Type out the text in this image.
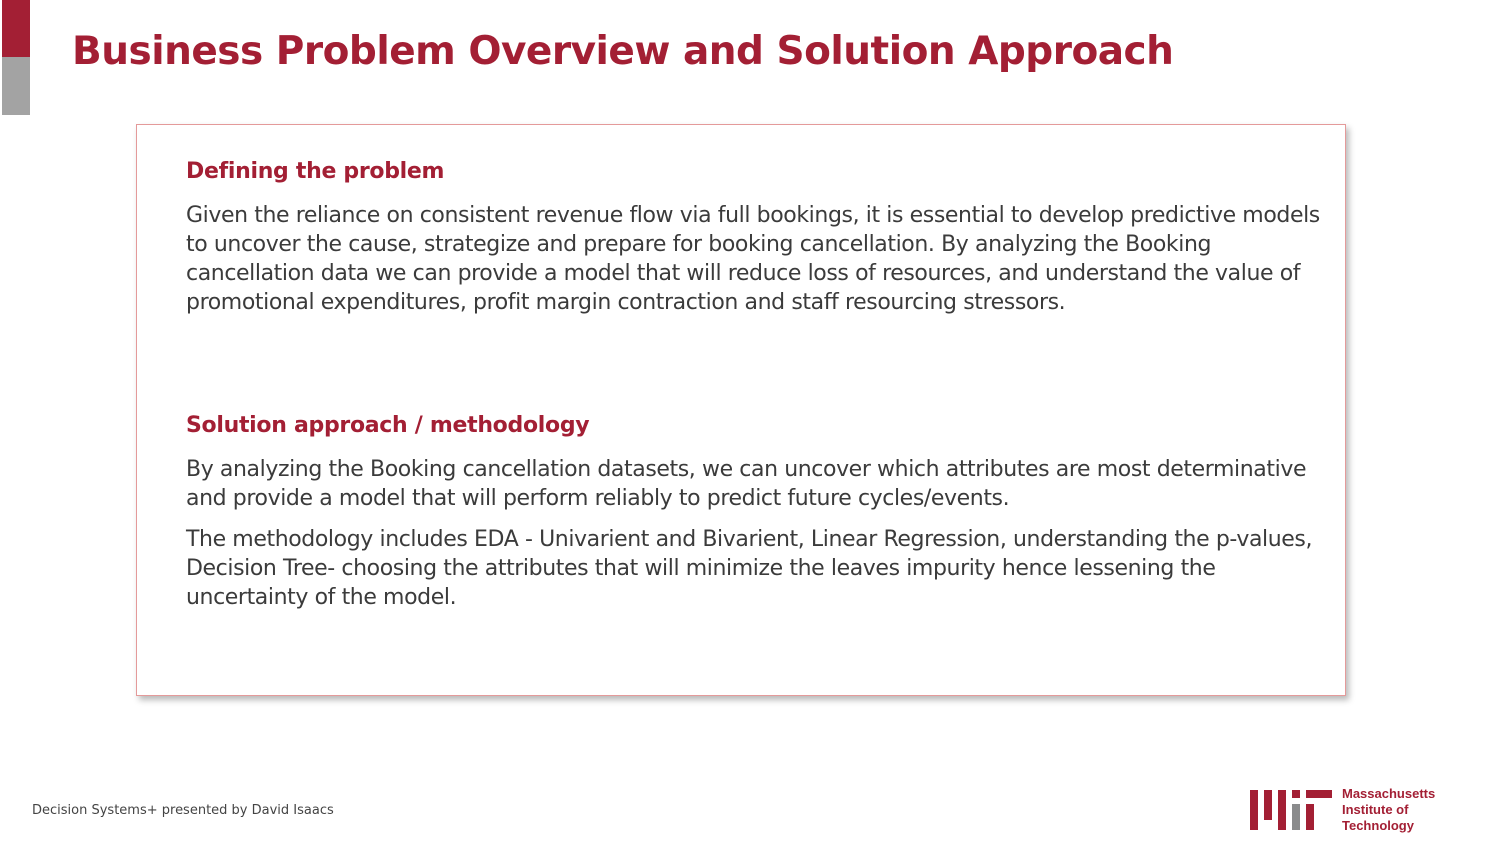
Business Problem Overview and Solution Approach
Defining the problem

Given the reliance on consistent revenue flow via full bookings, it is essential to develop predictive models to uncover the cause, strategize and prepare for booking cancellation. By analyzing the Booking cancellation data we can provide a model that will reduce loss of resources, and understand the value of promotional expenditures, profit margin contraction and staff resourcing stressors.

Solution approach / methodology

By analyzing the Booking cancellation datasets, we can uncover which attributes are most determinative and provide a model that will perform reliably to predict future cycles/events.

The methodology includes EDA - Univarient and Bivarient, Linear Regression, understanding the p-values, Decision Tree- choosing the attributes that will minimize the leaves impurity hence lessening the uncertainty of the model.

Decision Systems+ presented by David Isaacs
Massachusetts
Institute of
Technology
